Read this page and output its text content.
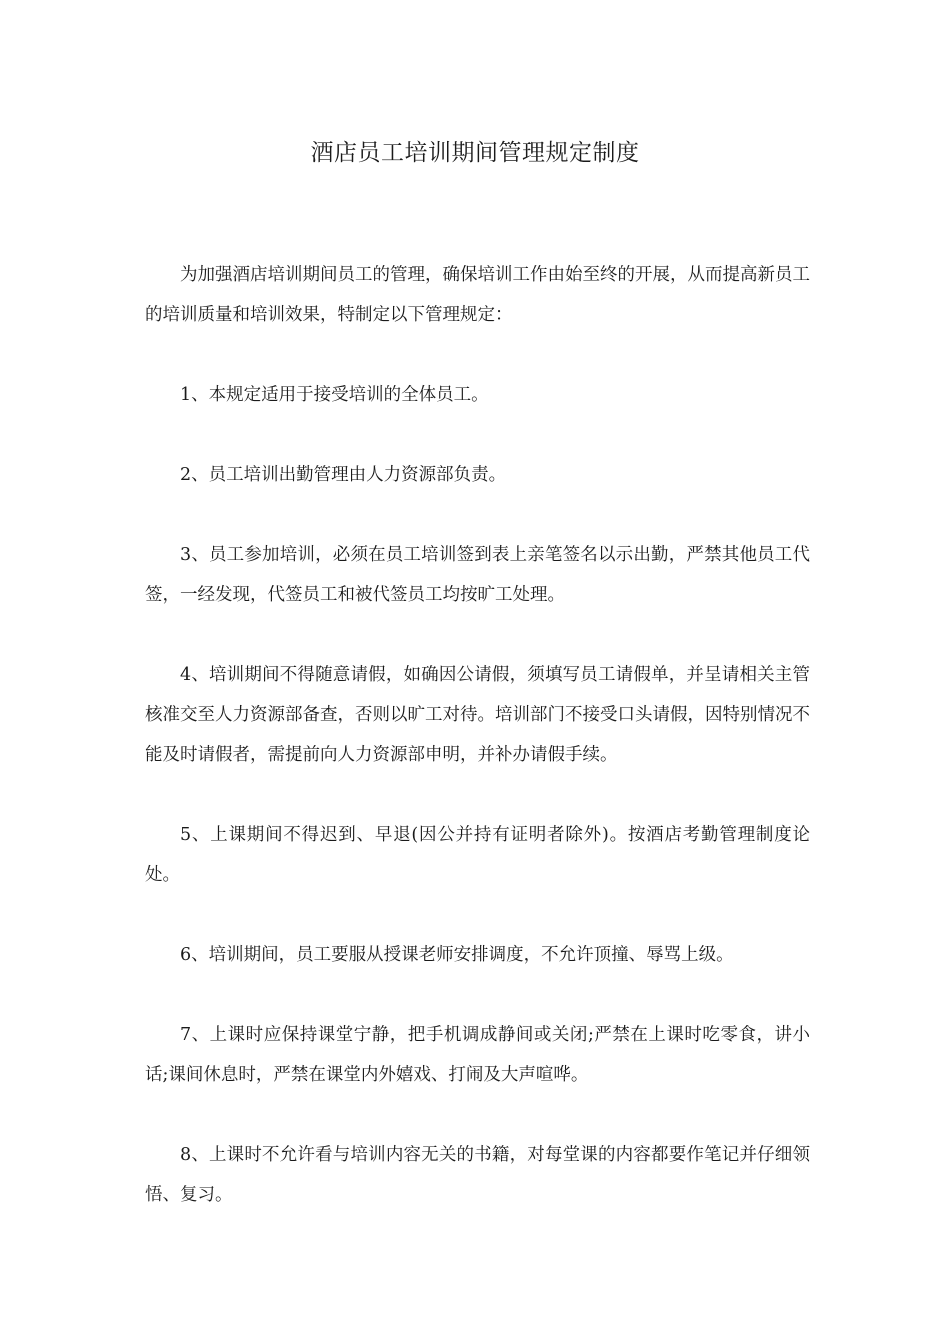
酒店员工培训期间管理规定制度

为加强酒店培训期间员工的管理，确保培训工作由始至终的开展，从而提高新员工的培训质量和培训效果，特制定以下管理规定：

1、本规定适用于接受培训的全体员工。

2、员工培训出勤管理由人力资源部负责。

3、员工参加培训，必须在员工培训签到表上亲笔签名以示出勤，严禁其他员工代签，一经发现，代签员工和被代签员工均按旷工处理。

4、培训期间不得随意请假，如确因公请假，须填写员工请假单，并呈请相关主管核准交至人力资源部备查，否则以旷工对待。培训部门不接受口头请假，因特别情况不能及时请假者，需提前向人力资源部申明，并补办请假手续。

5、上课期间不得迟到、早退(因公并持有证明者除外)。按酒店考勤管理制度论处。

6、培训期间，员工要服从授课老师安排调度，不允许顶撞、辱骂上级。

7、上课时应保持课堂宁静，把手机调成静间或关闭;严禁在上课时吃零食，讲小话;课间休息时，严禁在课堂内外嬉戏、打闹及大声喧哗。

8、上课时不允许看与培训内容无关的书籍，对每堂课的内容都要作笔记并仔细领悟、复习。
